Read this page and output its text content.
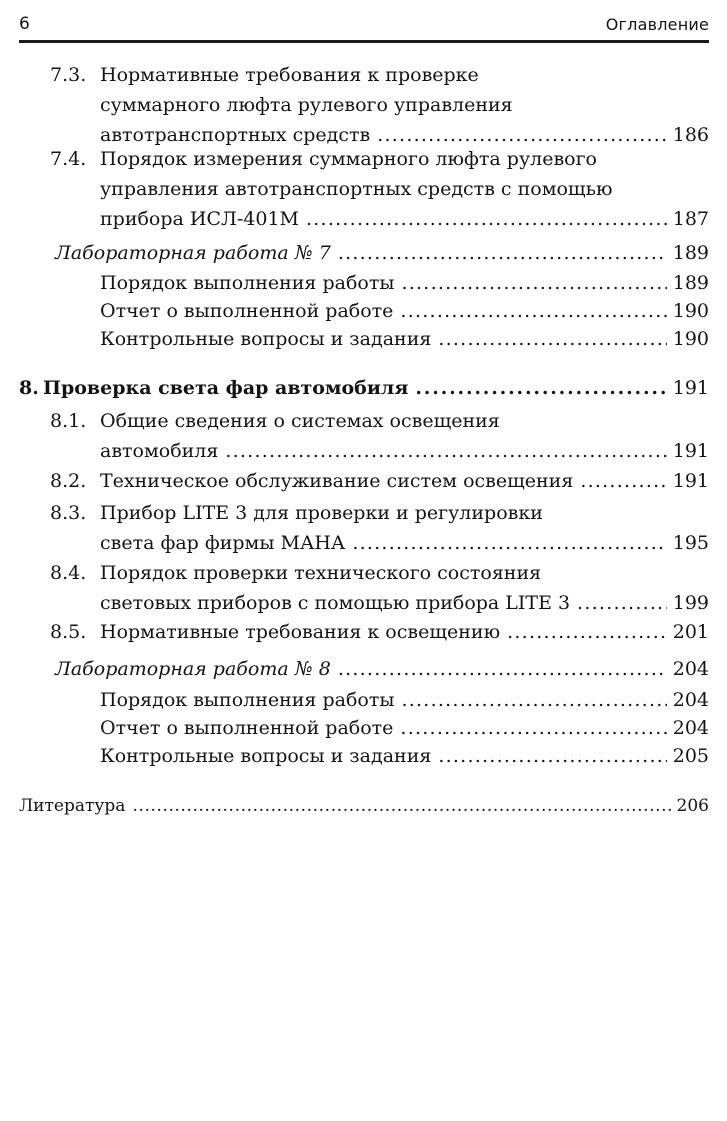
6	Оглавление
7.3. Нормативные требования к проверке
суммарного люфта рулевого управления
автотранспортных средств . . .	186
7.4. Порядок измерения суммарного люфта рулевого
управления автотранспортных средств с помощью
прибора ИСЛ-401М . . .	187
Лабораторная работа № 7 . . .	189
Порядок выполнения работы . . .	189
Отчет о выполненной работе . . .	190
Контрольные вопросы и задания . . .	190
8. Проверка света фар автомобиля . . .	191
8.1. Общие сведения о системах освещения
автомобиля . . .	191
8.2. Техническое обслуживание систем освещения . . .	191
8.3. Прибор LITE 3 для проверки и регулировки
света фар фирмы МАНА . . .	195
8.4. Порядок проверки технического состояния
световых приборов с помощью прибора LITE 3 . . .	199
8.5. Нормативные требования к освещению . . .	201
Лабораторная работа № 8 . . .	204
Порядок выполнения работы . . .	204
Отчет о выполненной работе . . .	204
Контрольные вопросы и задания . . .	205
Литература . . .	206
